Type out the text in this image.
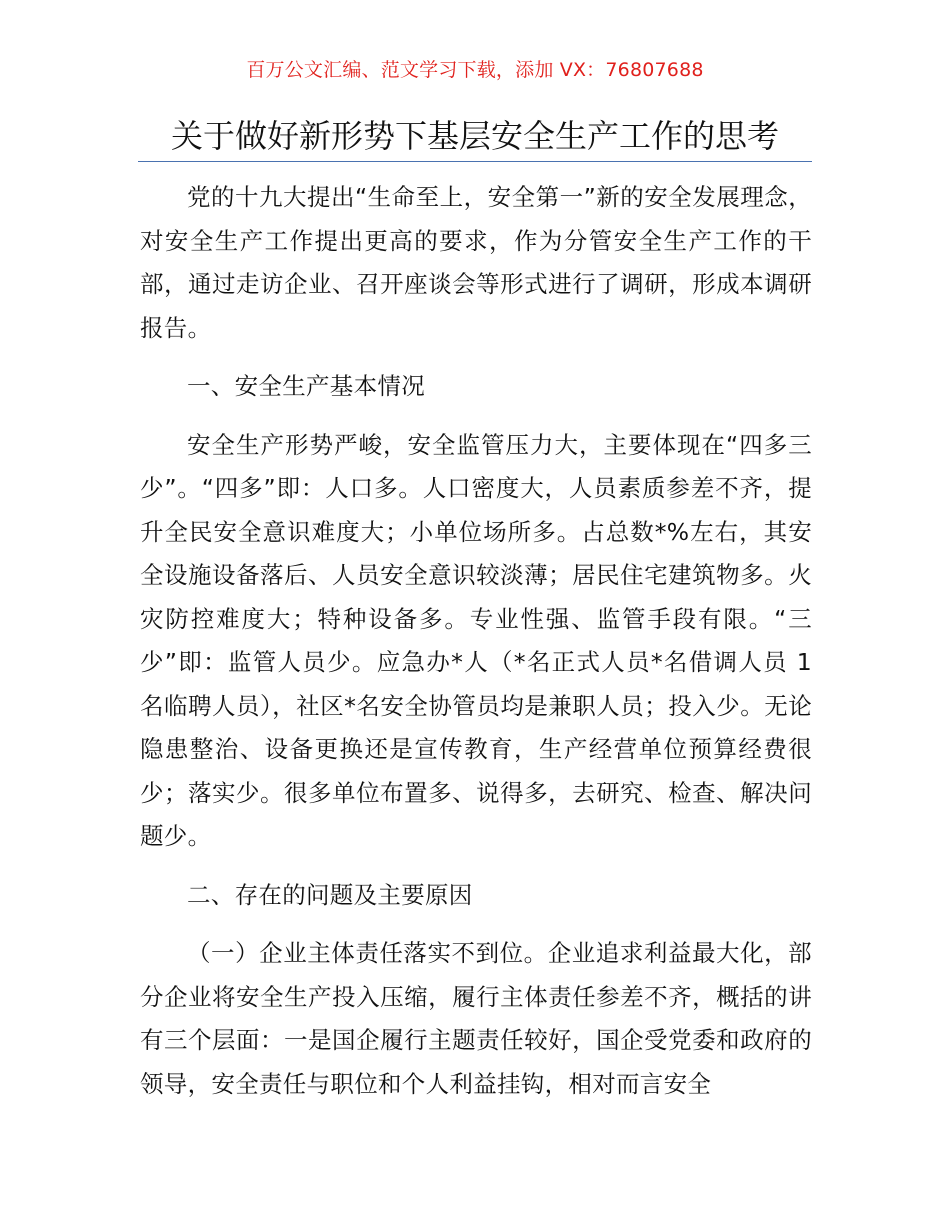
百万公文汇编、范文学习下载，添加 VX：76807688
关于做好新形势下基层安全生产工作的思考

党的十九大提出“生命至上，安全第一”新的安全发展理念，对安全生产工作提出更高的要求，作为分管安全生产工作的干部，通过走访企业、召开座谈会等形式进行了调研，形成本调研报告。

一、安全生产基本情况

安全生产形势严峻，安全监管压力大，主要体现在“四多三少”。“四多”即：人口多。人口密度大，人员素质参差不齐，提升全民安全意识难度大；小单位场所多。占总数*%左右，其安全设施设备落后、人员安全意识较淡薄；居民住宅建筑物多。火灾防控难度大；特种设备多。专业性强、监管手段有限。“三少”即：监管人员少。应急办*人（*名正式人员*名借调人员 1 名临聘人员），社区*名安全协管员均是兼职人员；投入少。无论隐患整治、设备更换还是宣传教育，生产经营单位预算经费很少；落实少。很多单位布置多、说得多，去研究、检查、解决问题少。

二、存在的问题及主要原因

（一）企业主体责任落实不到位。企业追求利益最大化，部分企业将安全生产投入压缩，履行主体责任参差不齐，概括的讲有三个层面：一是国企履行主题责任较好，国企受党委和政府的领导，安全责任与职位和个人利益挂钩，相对而言安全
